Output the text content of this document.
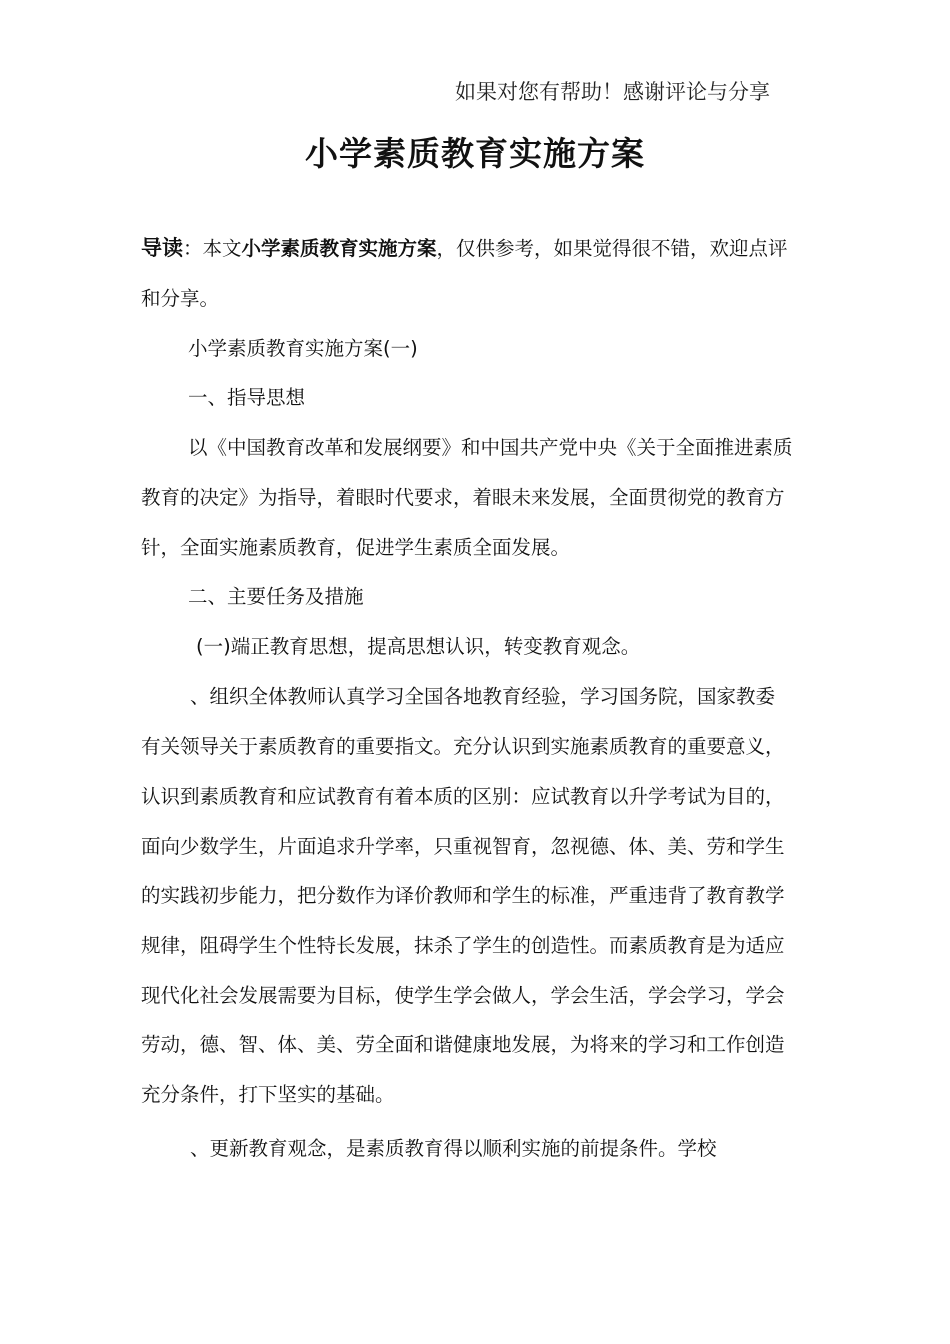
如果对您有帮助！感谢评论与分享
小学素质教育实施方案
导读：本文小学素质教育实施方案，仅供参考，如果觉得很不错，欢迎点评
和分享。
小学素质教育实施方案(一)
一、指导思想
以《中国教育改革和发展纲要》和中国共产党中央《关于全面推进素质
教育的决定》为指导，着眼时代要求，着眼未来发展，全面贯彻党的教育方
针，全面实施素质教育，促进学生素质全面发展。
二、主要任务及措施
(一)端正教育思想，提高思想认识，转变教育观念。
、组织全体教师认真学习全国各地教育经验，学习国务院，国家教委
有关领导关于素质教育的重要指文。充分认识到实施素质教育的重要意义，
认识到素质教育和应试教育有着本质的区别：应试教育以升学考试为目的，
面向少数学生，片面追求升学率，只重视智育，忽视德、体、美、劳和学生
的实践初步能力，把分数作为译价教师和学生的标准，严重违背了教育教学
规律，阻碍学生个性特长发展，抹杀了学生的创造性。而素质教育是为适应
现代化社会发展需要为目标，使学生学会做人，学会生活，学会学习，学会
劳动，德、智、体、美、劳全面和谐健康地发展，为将来的学习和工作创造
充分条件，打下坚实的基础。
、更新教育观念，是素质教育得以顺利实施的前提条件。学校
